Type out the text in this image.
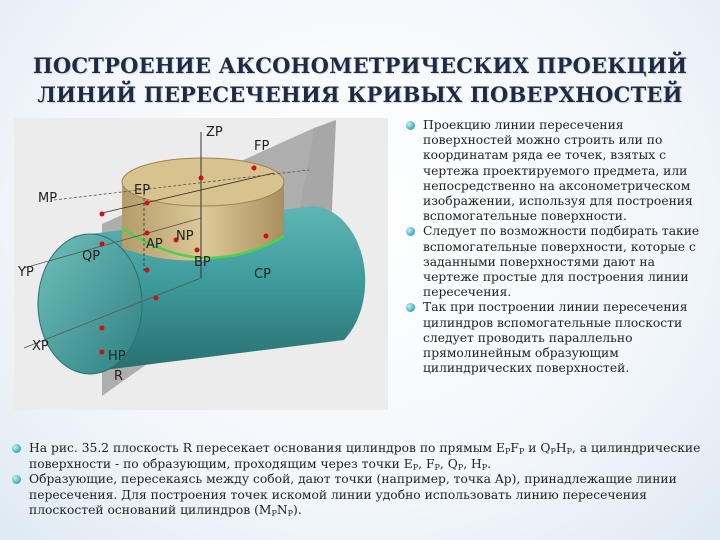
ПОСТРОЕНИЕ АКСОНОМЕТРИЧЕСКИХ ПРОЕКЦИЙ
ЛИНИЙ ПЕРЕСЕЧЕНИЯ КРИВЫХ ПОВЕРХНОСТЕЙ
ZP
FP
MP
EP
NP
AP
QP	BP
YP	CP
XP
HP
R
Проекцию линии пересечения поверхностей можно строить или по координатам ряда ее точек, взятых с чертежа проектируемого предмета, или непосредственно на аксонометрическом изображении, используя для построения вспомогательные поверхности.
Следует по возможности подбирать такие вспомогательные поверхности, которые с заданными поверхностями дают на чертеже простые для построения линии пересечения.
Так при построении линии пересечения цилиндров вспомогательные плоскости следует проводить параллельно прямолинейным образующим цилиндрических поверхностей.
На рис. 35.2 плоскость R пересекает основания цилиндров по прямым $E_PF_P$ и $Q_PH_P$, а цилиндрические поверхности - по образующим, проходящим через точки $E_P$, $F_P$, $Q_P$, $H_P$.
Образующие, пересекаясь между собой, дают точки (например, точка Ap), принадлежащие линии пересечения. Для построения точек искомой линии удобно использовать линию пересечения плоскостей оснований цилиндров $(M_PN_P)$.
